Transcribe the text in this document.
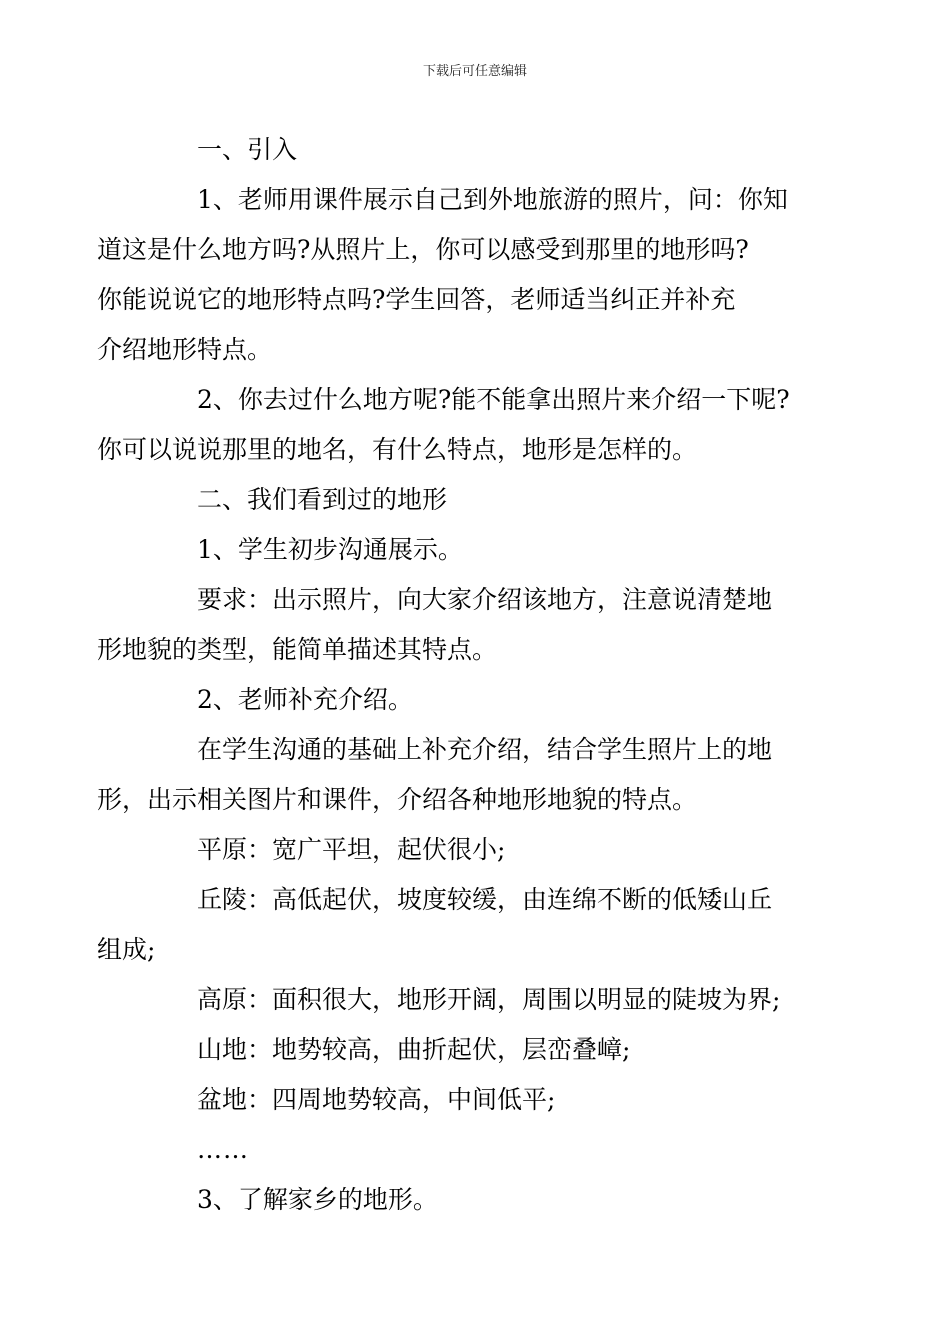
下载后可任意编辑

一、引入

1、老师用课件展示自己到外地旅游的照片，问：你知
道这是什么地方吗?从照片上，你可以感受到那里的地形吗?
你能说说它的地形特点吗?学生回答，老师适当纠正并补充
介绍地形特点。

2、你去过什么地方呢?能不能拿出照片来介绍一下呢?
你可以说说那里的地名，有什么特点，地形是怎样的。

二、我们看到过的地形

1、学生初步沟通展示。

要求：出示照片，向大家介绍该地方，注意说清楚地
形地貌的类型，能简单描述其特点。

2、老师补充介绍。

在学生沟通的基础上补充介绍，结合学生照片上的地
形，出示相关图片和课件，介绍各种地形地貌的特点。

平原：宽广平坦，起伏很小;

丘陵：高低起伏，坡度较缓，由连绵不断的低矮山丘
组成;

高原：面积很大，地形开阔，周围以明显的陡坡为界;

山地：地势较高，曲折起伏，层峦叠嶂;

盆地：四周地势较高，中间低平;

……

3、了解家乡的地形。
